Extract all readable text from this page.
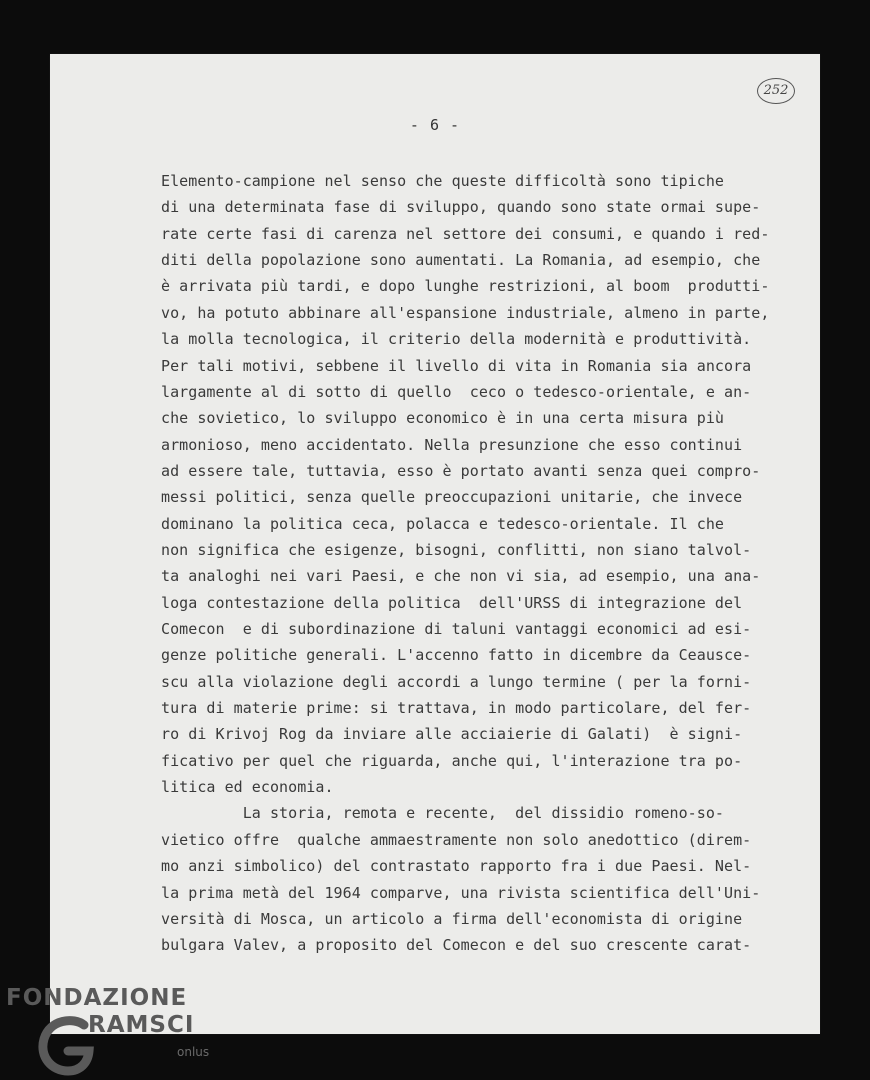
252
- 6 -
Elemento-campione nel senso che queste difficoltà sono tipiche
di una determinata fase di sviluppo, quando sono state ormai supe-
rate certe fasi di carenza nel settore dei consumi, e quando i red-
diti della popolazione sono aumentati. La Romania, ad esempio, che
è arrivata più tardi, e dopo lunghe restrizioni, al boom  produtti-
vo, ha potuto abbinare all'espansione industriale, almeno in parte,
la molla tecnologica, il criterio della modernità e produttività.
Per tali motivi, sebbene il livello di vita in Romania sia ancora
largamente al di sotto di quello  ceco o tedesco-orientale, e an-
che sovietico, lo sviluppo economico è in una certa misura più
armonioso, meno accidentato. Nella presunzione che esso continui
ad essere tale, tuttavia, esso è portato avanti senza quei compro-
messi politici, senza quelle preoccupazioni unitarie, che invece
dominano la politica ceca, polacca e tedesco-orientale. Il che
non significa che esigenze, bisogni, conflitti, non siano talvol-
ta analoghi nei vari Paesi, e che non vi sia, ad esempio, una ana-
loga contestazione della politica  dell'URSS di integrazione del
Comecon  e di subordinazione di taluni vantaggi economici ad esi-
genze politiche generali. L'accenno fatto in dicembre da Ceausce-
scu alla violazione degli accordi a lungo termine ( per la forni-
tura di materie prime: si trattava, in modo particolare, del fer-
ro di Krivoj Rog da inviare alle acciaierie di Galati)  è signi-
ficativo per quel che riguarda, anche qui, l'interazione tra po-
litica ed economia.
La storia, remota e recente,  del dissidio romeno-so-
vietico offre  qualche ammaestramente non solo anedottico (direm-
mo anzi simbolico) del contrastato rapporto fra i due Paesi. Nel-
la prima metà del 1964 comparve, una rivista scientifica dell'Uni-
versità di Mosca, un articolo a firma dell'economista di origine
bulgara Valev, a proposito del Comecon e del suo crescente carat-
FONDAZIONE
RAMSCI
onlus
